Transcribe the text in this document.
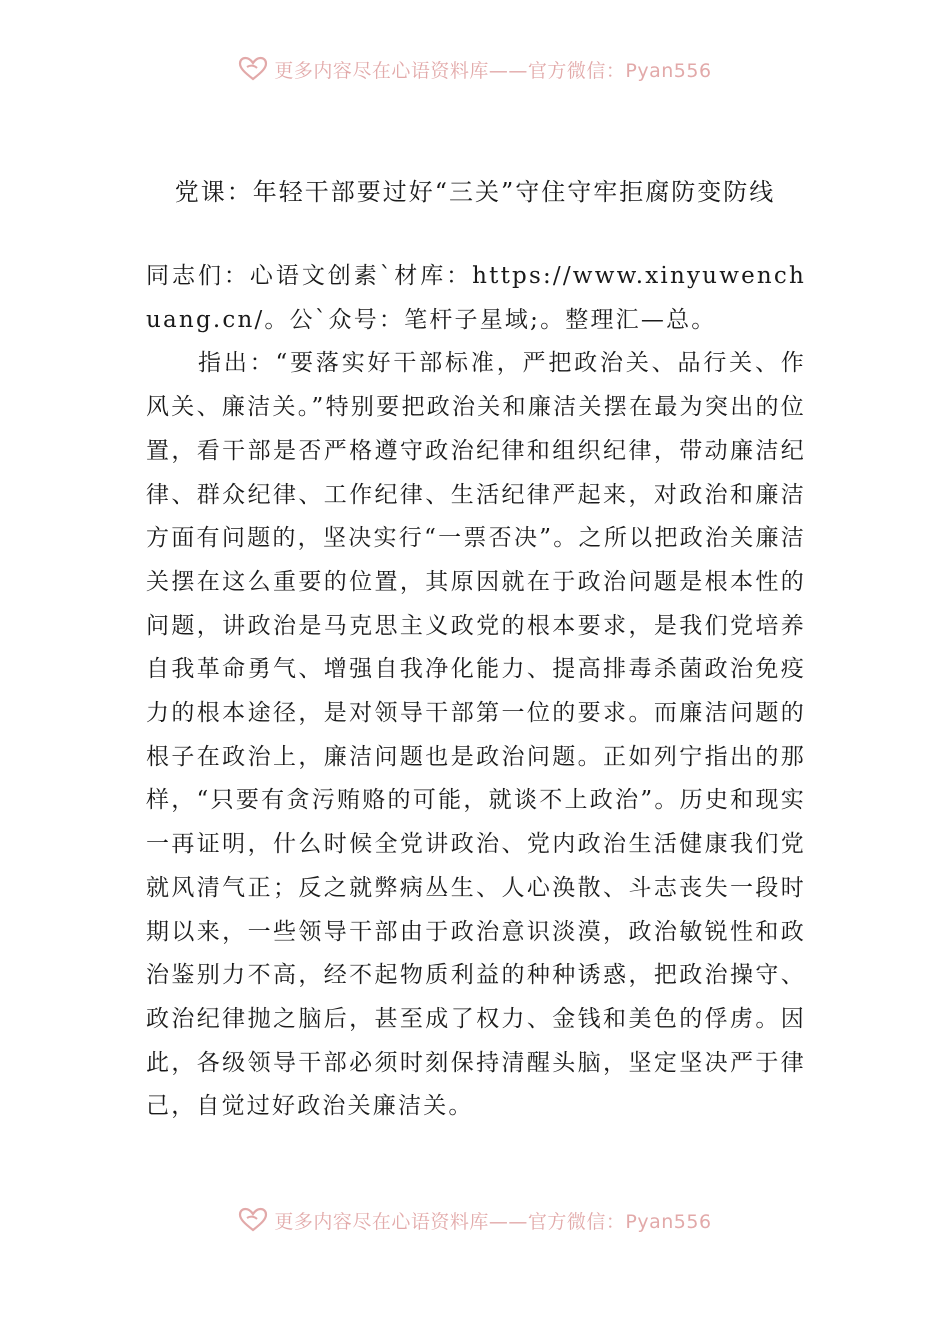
更多内容尽在心语资料库——官方微信：Pyan556
党课：年轻干部要过好“三关”守住守牢拒腐防变防线

同志们：心语文创素`材库：https://www.xinyuwenchuang.cn/。公`众号：笔杆子星域;。整理汇—总。

指出：“要落实好干部标准，严把政治关、品行关、作风关、廉洁关。”特别要把政治关和廉洁关摆在最为突出的位置，看干部是否严格遵守政治纪律和组织纪律，带动廉洁纪律、群众纪律、工作纪律、生活纪律严起来，对政治和廉洁方面有问题的，坚决实行“一票否决”。之所以把政治关廉洁关摆在这么重要的位置，其原因就在于政治问题是根本性的问题，讲政治是马克思主义政党的根本要求，是我们党培养自我革命勇气、增强自我净化能力、提高排毒杀菌政治免疫力的根本途径，是对领导干部第一位的要求。而廉洁问题的根子在政治上，廉洁问题也是政治问题。正如列宁指出的那样，“只要有贪污贿赂的可能，就谈不上政治”。历史和现实一再证明，什么时候全党讲政治、党内政治生活健康我们党就风清气正；反之就弊病丛生、人心涣散、斗志丧失一段时期以来，一些领导干部由于政治意识淡漠，政治敏锐性和政治鉴别力不高，经不起物质利益的种种诱惑，把政治操守、政治纪律抛之脑后，甚至成了权力、金钱和美色的俘虏。因此，各级领导干部必须时刻保持清醒头脑，坚定坚决严于律己，自觉过好政治关廉洁关。

更多内容尽在心语资料库——官方微信：Pyan556
